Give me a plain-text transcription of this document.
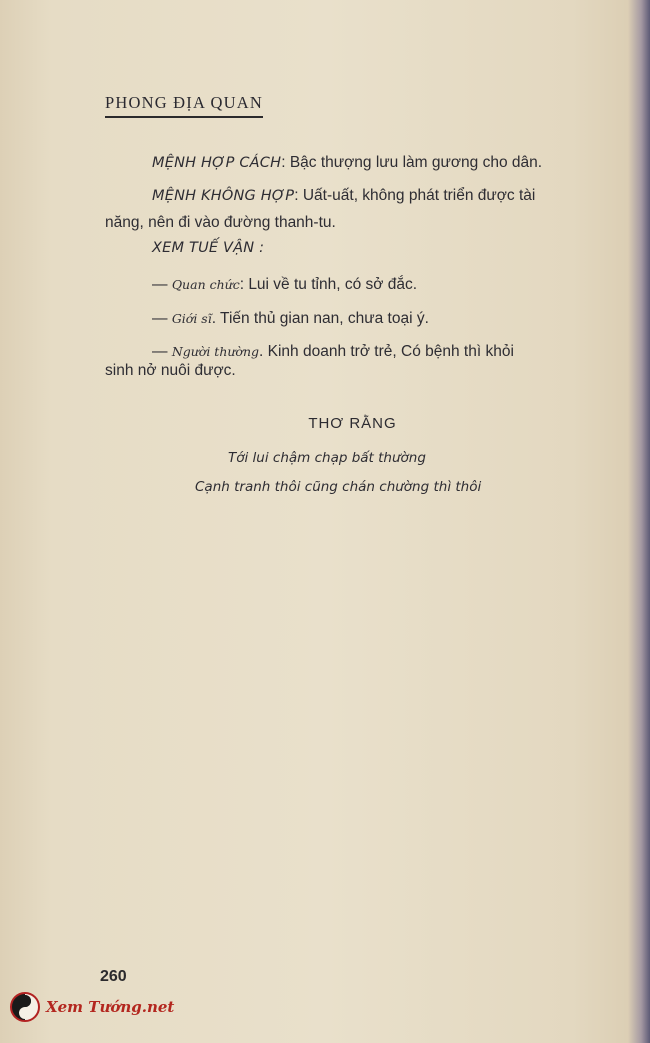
PHONG ĐỊA QUAN
MỆNH HỢP CÁCH: Bậc thượng lưu làm gương cho dân.
MỆNH KHÔNG HỢP: Uất-uất, không phát triển được tài
năng, nên đi vào đường thanh-tu.
XEM TUẾ VẬN :
— Quan chức: Lui về tu tỉnh, có sở đắc.
— Giới sĩ. Tiến thủ gian nan, chưa toại ý.
— Người thường. Kinh doanh trở trẻ, Có bệnh thì khỏi
sinh nở nuôi được.
THƠ RẰNG
Tới lui chậm chạp bất thường
Cạnh tranh thôi cũng chán chường thì thôi
260
Xem Tướng.net
